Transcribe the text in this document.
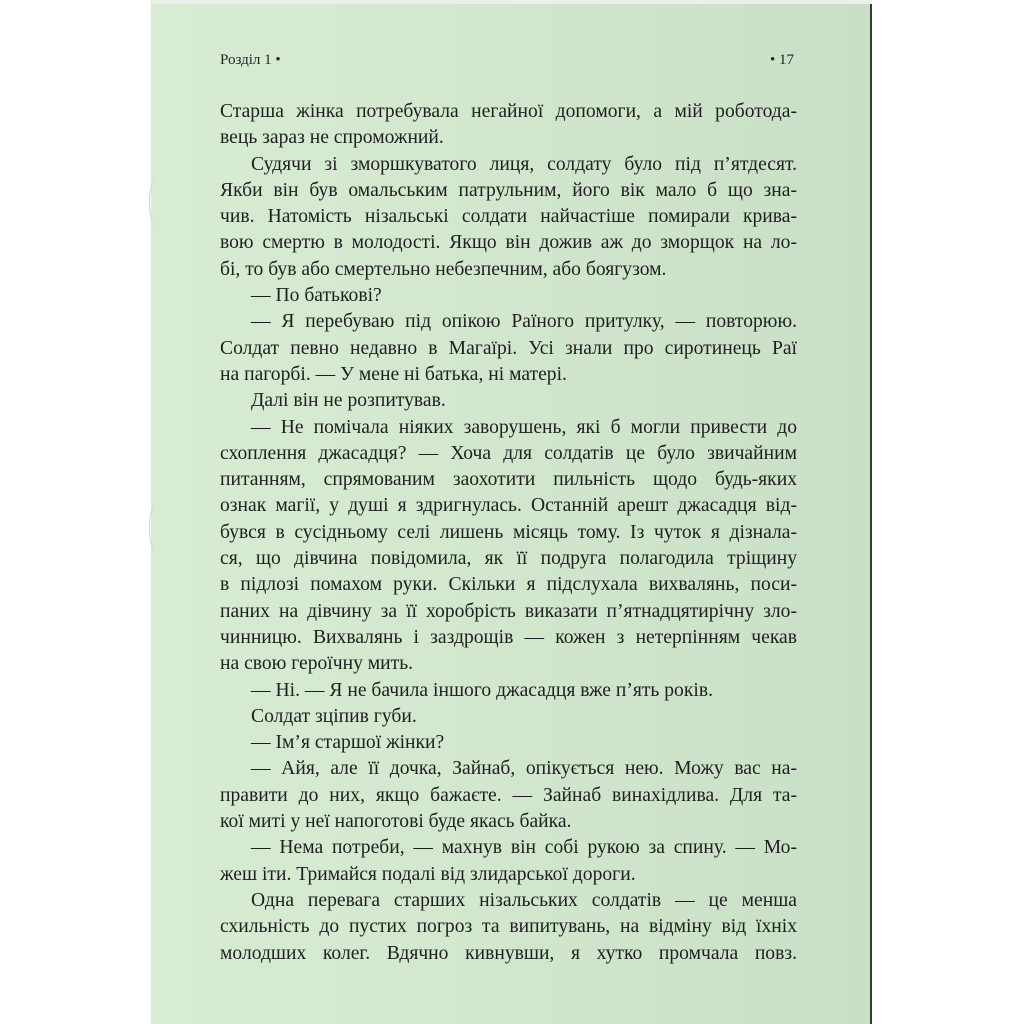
Розділ 1 •	• 17
Старша жінка потребувала негайної допомоги, а мій роботода-
вець зараз не спроможний.
Судячи зі зморшкуватого лиця, солдату було під п’ятдесят.
Якби він був омальським патрульним, його вік мало б що зна-
чив. Натомість нізальські солдати найчастіше помирали крива-
вою смертю в молодості. Якщо він дожив аж до зморщок на ло-
бі, то був або смертельно небезпечним, або боягузом.
— По батькові?
— Я перебуваю під опікою Раїного притулку, — повторюю.
Солдат певно недавно в Магаїрі. Усі знали про сиротинець Раї
на пагорбі. — У мене ні батька, ні матері.
Далі він не розпитував.
— Не помічала ніяких заворушень, які б могли привести до
схоплення джасадця? — Хоча для солдатів це було звичайним
питанням, спрямованим заохотити пильність щодо будь-яких
ознак магії, у душі я здригнулась. Останній арешт джасадця від-
бувся в сусідньому селі лишень місяць тому. Із чуток я дізнала-
ся, що дівчина повідомила, як її подруга полагодила тріщину
в підлозі помахом руки. Скільки я підслухала вихвалянь, поси-
паних на дівчину за її хоробрість виказати п’ятнадцятирічну зло-
чинницю. Вихвалянь і заздрощів — кожен з нетерпінням чекав
на свою героїчну мить.
— Ні. — Я не бачила іншого джасадця вже п’ять років.
Солдат зціпив губи.
— Ім’я старшої жінки?
— Айя, але її дочка, Зайнаб, опікується нею. Можу вас на-
правити до них, якщо бажаєте. — Зайнаб винахідлива. Для та-
кої миті у неї напоготові буде якась байка.
— Нема потреби, — махнув він собі рукою за спину. — Мо-
жеш іти. Тримайся подалі від злидарської дороги.
Одна перевага старших нізальських солдатів — це менша
схильність до пустих погроз та випитувань, на відміну від їхніх
молодших колег. Вдячно кивнувши, я хутко промчала повз.
